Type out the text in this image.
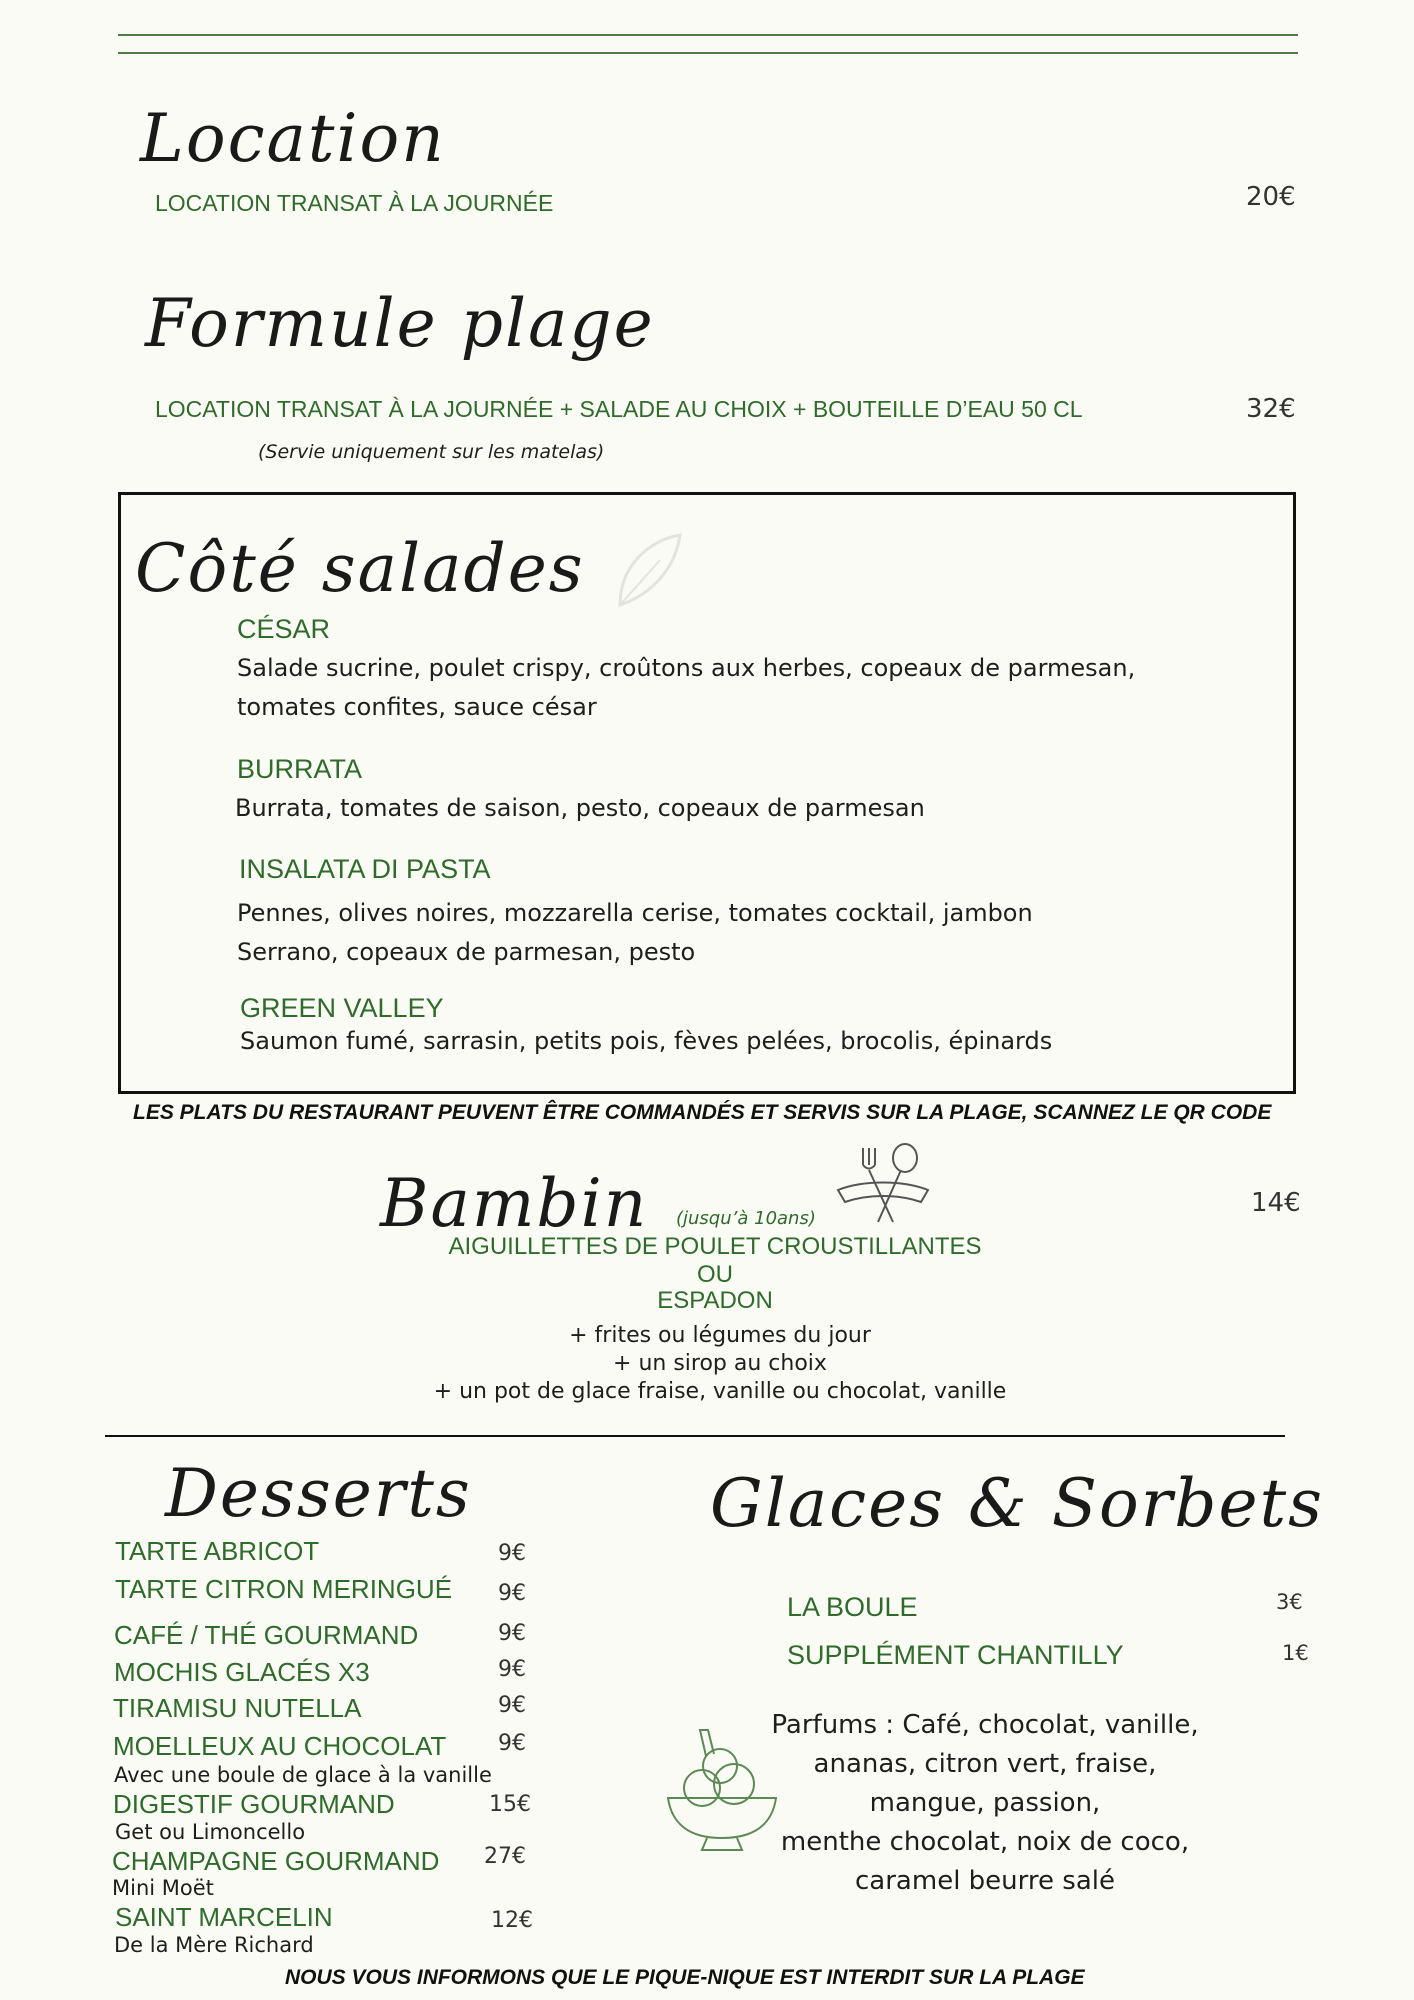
Location
LOCATION TRANSAT À LA JOURNÉE	20€
Formule plage
LOCATION TRANSAT À LA JOURNÉE + SALADE AU CHOIX + BOUTEILLE D’EAU 50 CL	32€
(Servie uniquement sur les matelas)
Côté salades
CÉSAR
Salade sucrine, poulet crispy, croûtons aux herbes, copeaux de parmesan,
tomates confites, sauce césar
BURRATA
Burrata, tomates de saison, pesto, copeaux de parmesan
INSALATA DI PASTA
Pennes, olives noires, mozzarella cerise, tomates cocktail, jambon
Serrano, copeaux de parmesan, pesto
GREEN VALLEY
Saumon fumé, sarrasin, petits pois, fèves pelées, brocolis, épinards
LES PLATS DU RESTAURANT PEUVENT ÊTRE COMMANDÉS ET SERVIS SUR LA PLAGE, SCANNEZ LE QR CODE
Bambin (jusqu’à 10ans)
14€
AIGUILLETTES DE POULET CROUSTILLANTES
OU
ESPADON
+ frites ou légumes du jour
+ un sirop au choix
+ un pot de glace fraise, vanille ou chocolat, vanille
Desserts
TARTE ABRICOT	9€
TARTE CITRON MERINGUÉ 9€
CAFÉ / THÉ GOURMAND	9€
MOCHIS GLACÉS X3	9€
TIRAMISU NUTELLA	9€
MOELLEUX AU CHOCOLAT 9€
Avec une boule de glace à la vanille
DIGESTIF GOURMAND	15€
Get ou Limoncello
CHAMPAGNE GOURMAND 27€
Mini Moët
SAINT MARCELIN	12€
De la Mère Richard
Glaces & Sorbets
LA BOULE	3€
SUPPLÉMENT CHANTILLY	1€
Parfums : Café, chocolat, vanille,
ananas, citron vert, fraise,
mangue, passion,
menthe chocolat, noix de coco,
caramel beurre salé
NOUS VOUS INFORMONS QUE LE PIQUE-NIQUE EST INTERDIT SUR LA PLAGE
